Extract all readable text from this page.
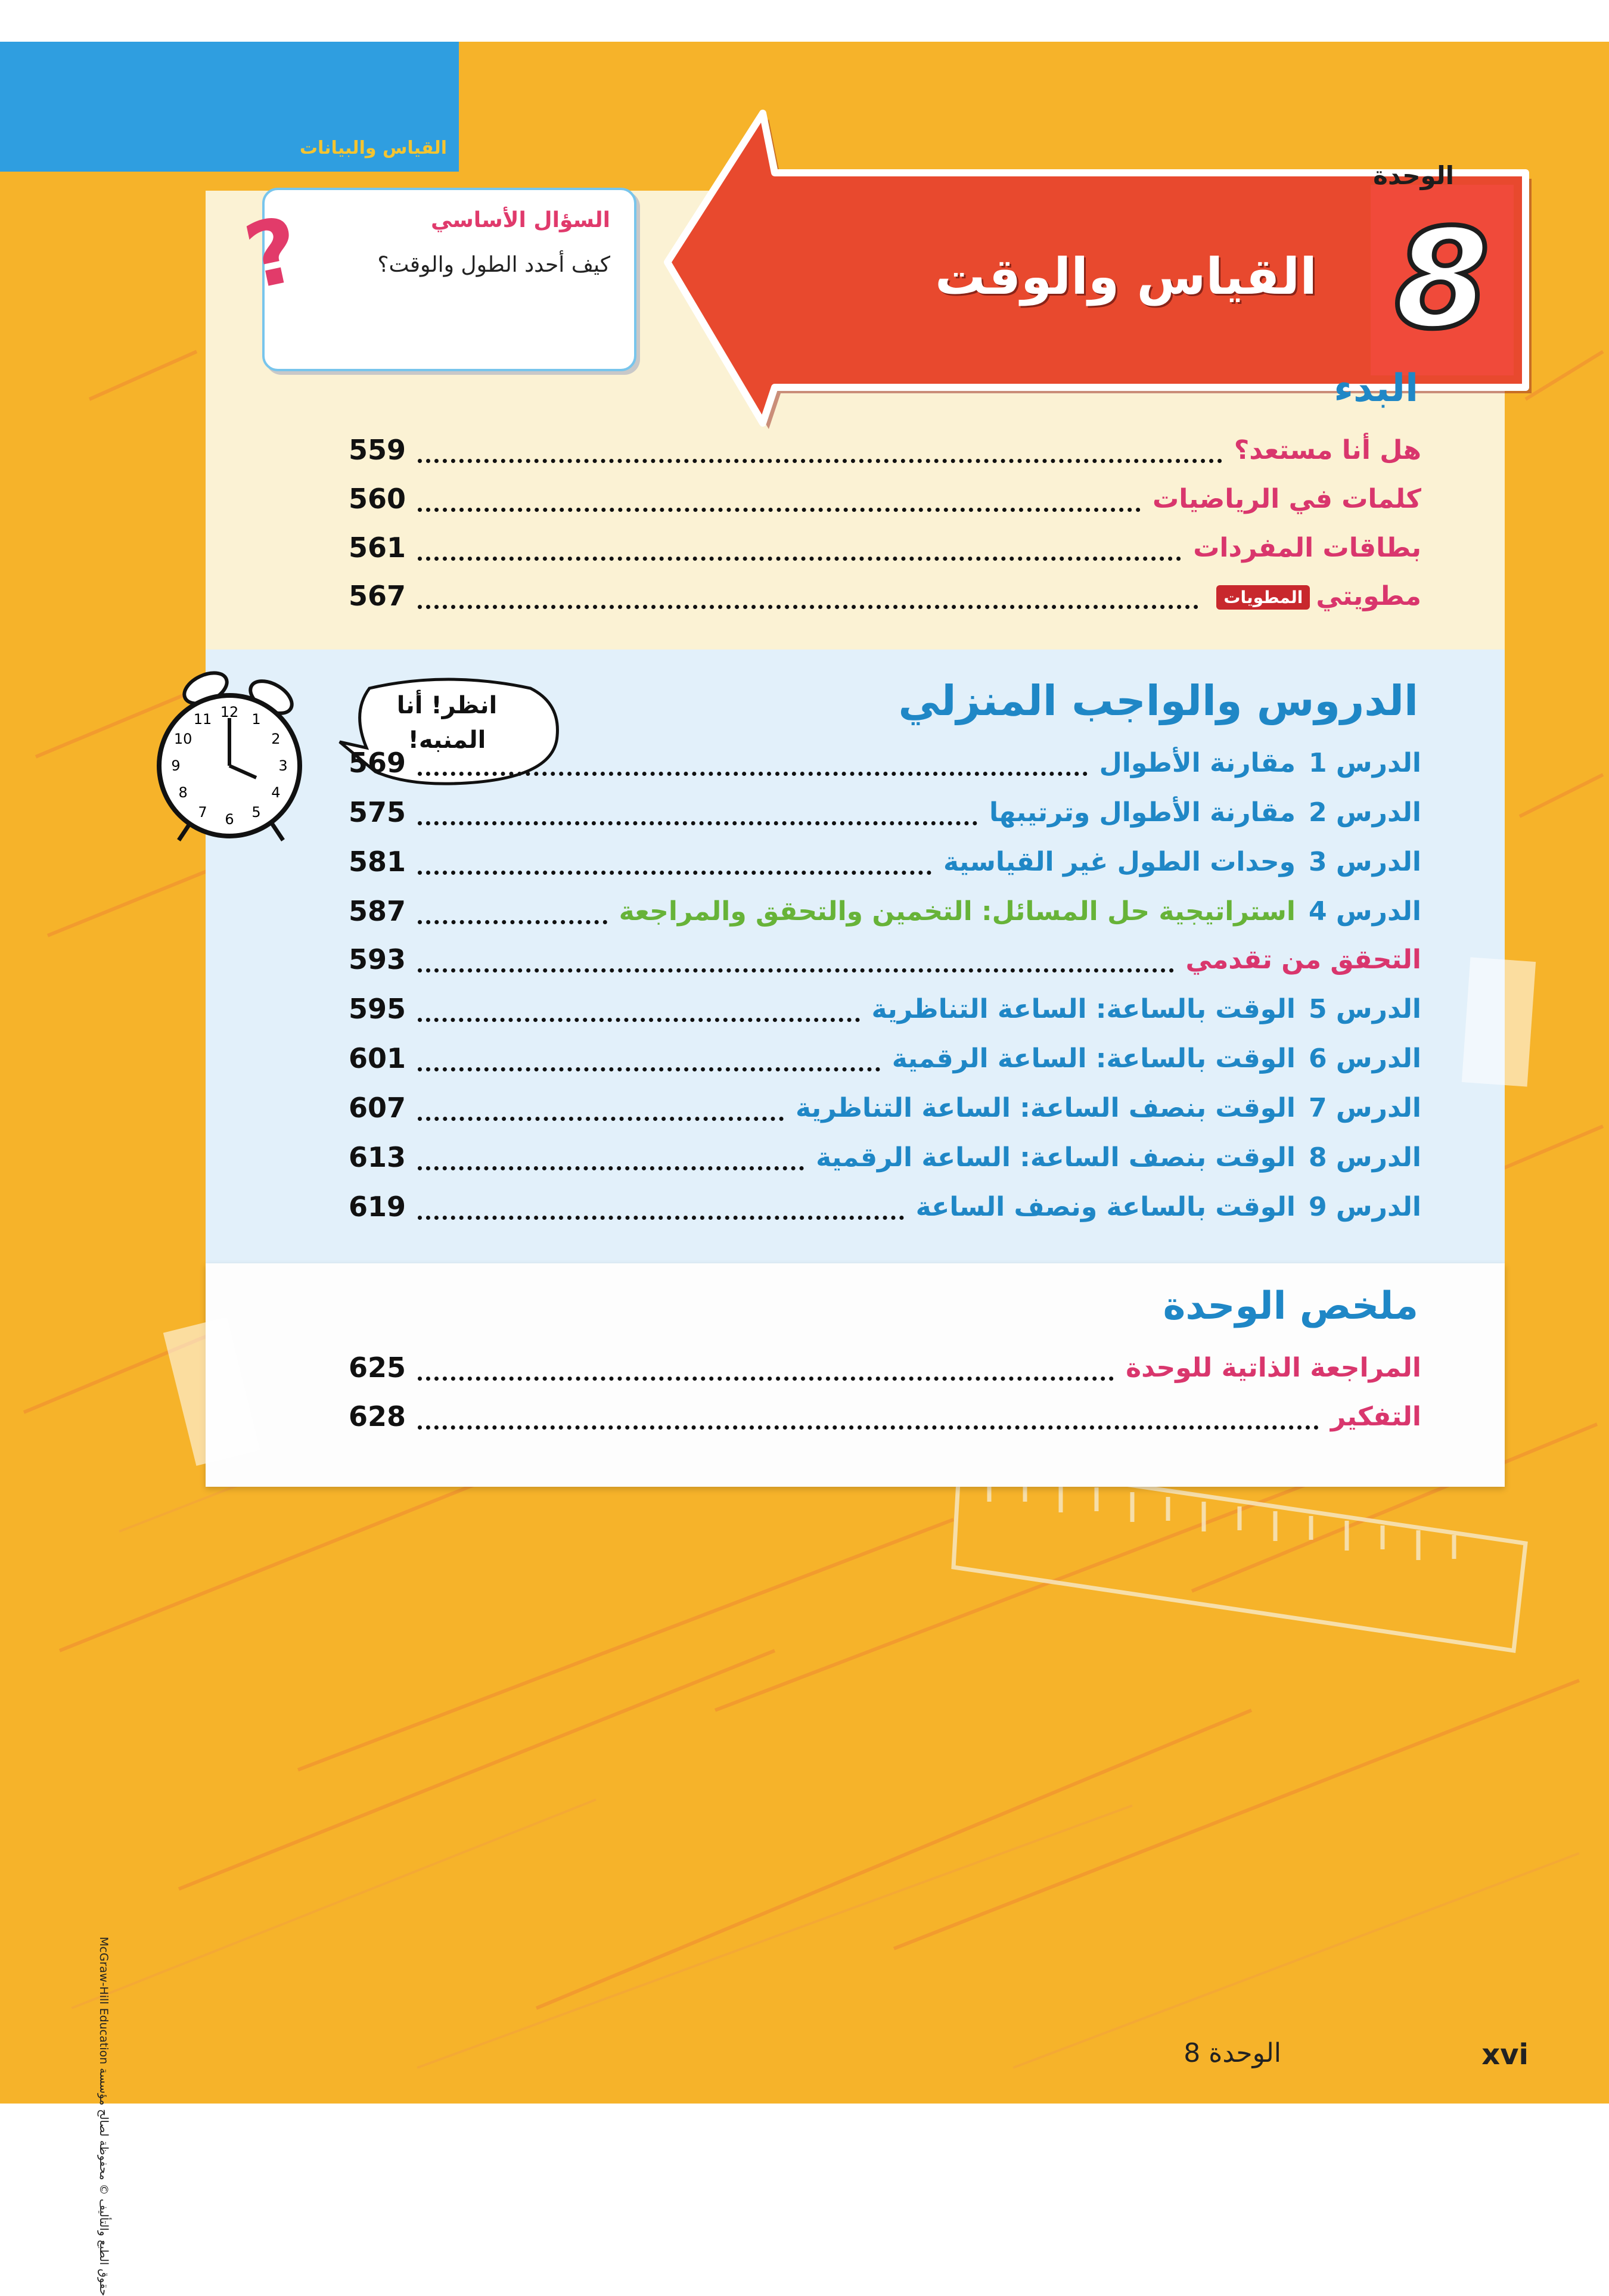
القياس والبيانات
الوحدة
8
القياس والوقت
?	السؤال الأساسي
كيف أحدد الطول والوقت؟
البدء
هل أنا مستعد؟
559
كلمات في الرياضيات
560
بطاقات المفردات
561
مطويتيالمطويات
567
12 1
2
3
4
5
6
7
8
9
10
11
انظر! أنا المنبه!
الدروس والواجب المنزلي
الدرس 1
مقارنة الأطوال
569
الدرس 2
مقارنة الأطوال وترتيبها
575
الدرس 3
وحدات الطول غير القياسية
581
الدرس 4
استراتيجية حل المسائل: التخمين والتحقق والمراجعة
587
التحقق من تقدمي
593
الدرس 5
الوقت بالساعة: الساعة التناظرية
595
الدرس 6
الوقت بالساعة: الساعة الرقمية
601
الدرس 7
الوقت بنصف الساعة: الساعة التناظرية
607
الدرس 8
الوقت بنصف الساعة: الساعة الرقمية
613
الدرس 9
الوقت بالساعة ونصف الساعة
619
ملخص الوحدة
المراجعة الذاتية للوحدة
625
التفكير
628
McGraw-Hill Education حقوق الطبع والتأليف © محفوظة لصالح مؤسسة
الوحدة 8	xvi
